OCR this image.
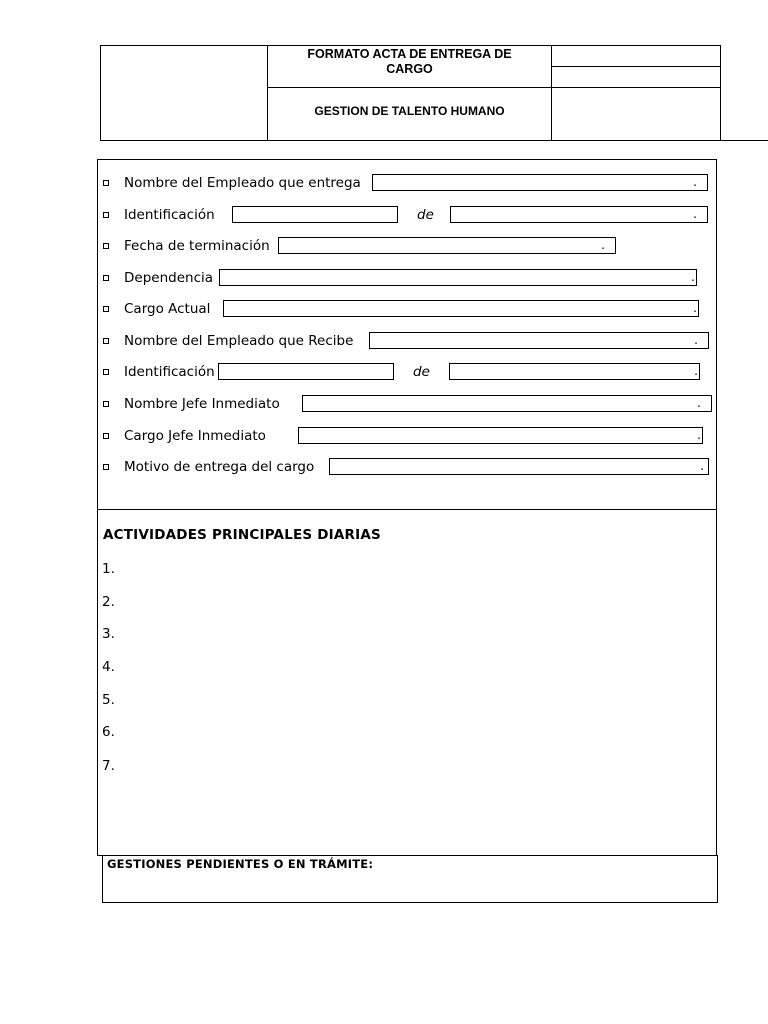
FORMATO ACTA DE ENTREGA DE
CARGO
GESTION DE TALENTO HUMANO
Nombre del Empleado que entrega	.
Identificación	de	.
Fecha de terminación	.
Dependencia	.
Cargo Actual	.
Nombre del Empleado que Recibe	.
Identificación	de	.
Nombre Jefe Inmediato	.
Cargo Jefe Inmediato	.
Motivo de entrega del cargo	.
ACTIVIDADES PRINCIPALES DIARIAS
1.
2.
3.
4.
5.
6.
7.
GESTIONES PENDIENTES O EN TRÁMITE:
